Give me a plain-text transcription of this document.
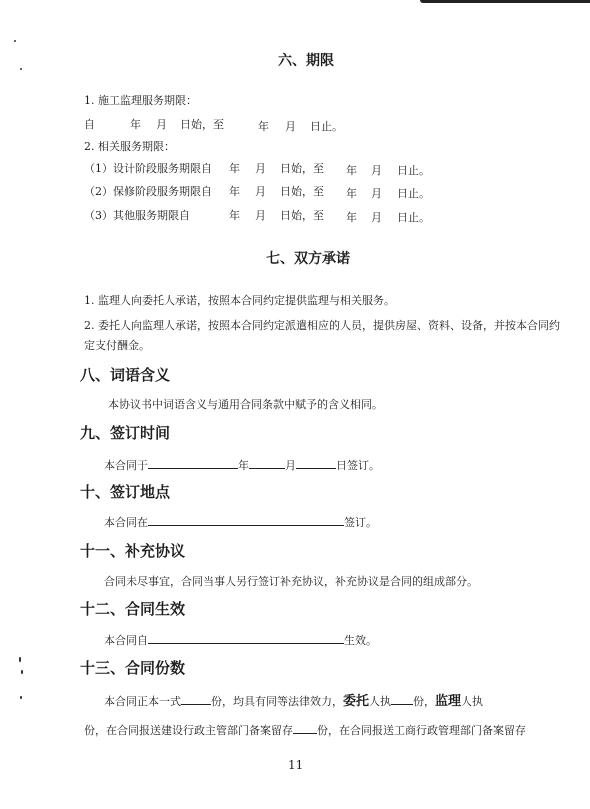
六、期限
1. 施工监理服务期限：
自	年 月 日始，至	年 月 日止。
2. 相关服务期限：
（1）设计阶段服务期限自 年 月 日始，至 年 月 日止。
（2）保修阶段服务期限自 年 月 日始，至 年 月 日止。
（3）其他服务期限自	年 月 日始，至 年 月 日止。
七、双方承诺
1. 监理人向委托人承诺，按照本合同约定提供监理与相关服务。
2. 委托人向监理人承诺，按照本合同约定派遣相应的人员，提供房屋、资料、设备，并按本合同约
定支付酬金。
八、词语含义
本协议书中词语含义与通用合同条款中赋予的含义相同。
九、签订时间
本合同于	年	月	日签订。
十、签订地点
本合同在	签订。
十一、补充协议
合同未尽事宜，合同当事人另行签订补充协议，补充协议是合同的组成部分。
十二、合同生效
本合同自	生效。
十三、合同份数
本合同正本一式	份，均具有同等法律效力，委托人执 份，监理人执
份，在合同报送建设行政主管部门备案留存 份，在合同报送工商行政管理部门备案留存
11
